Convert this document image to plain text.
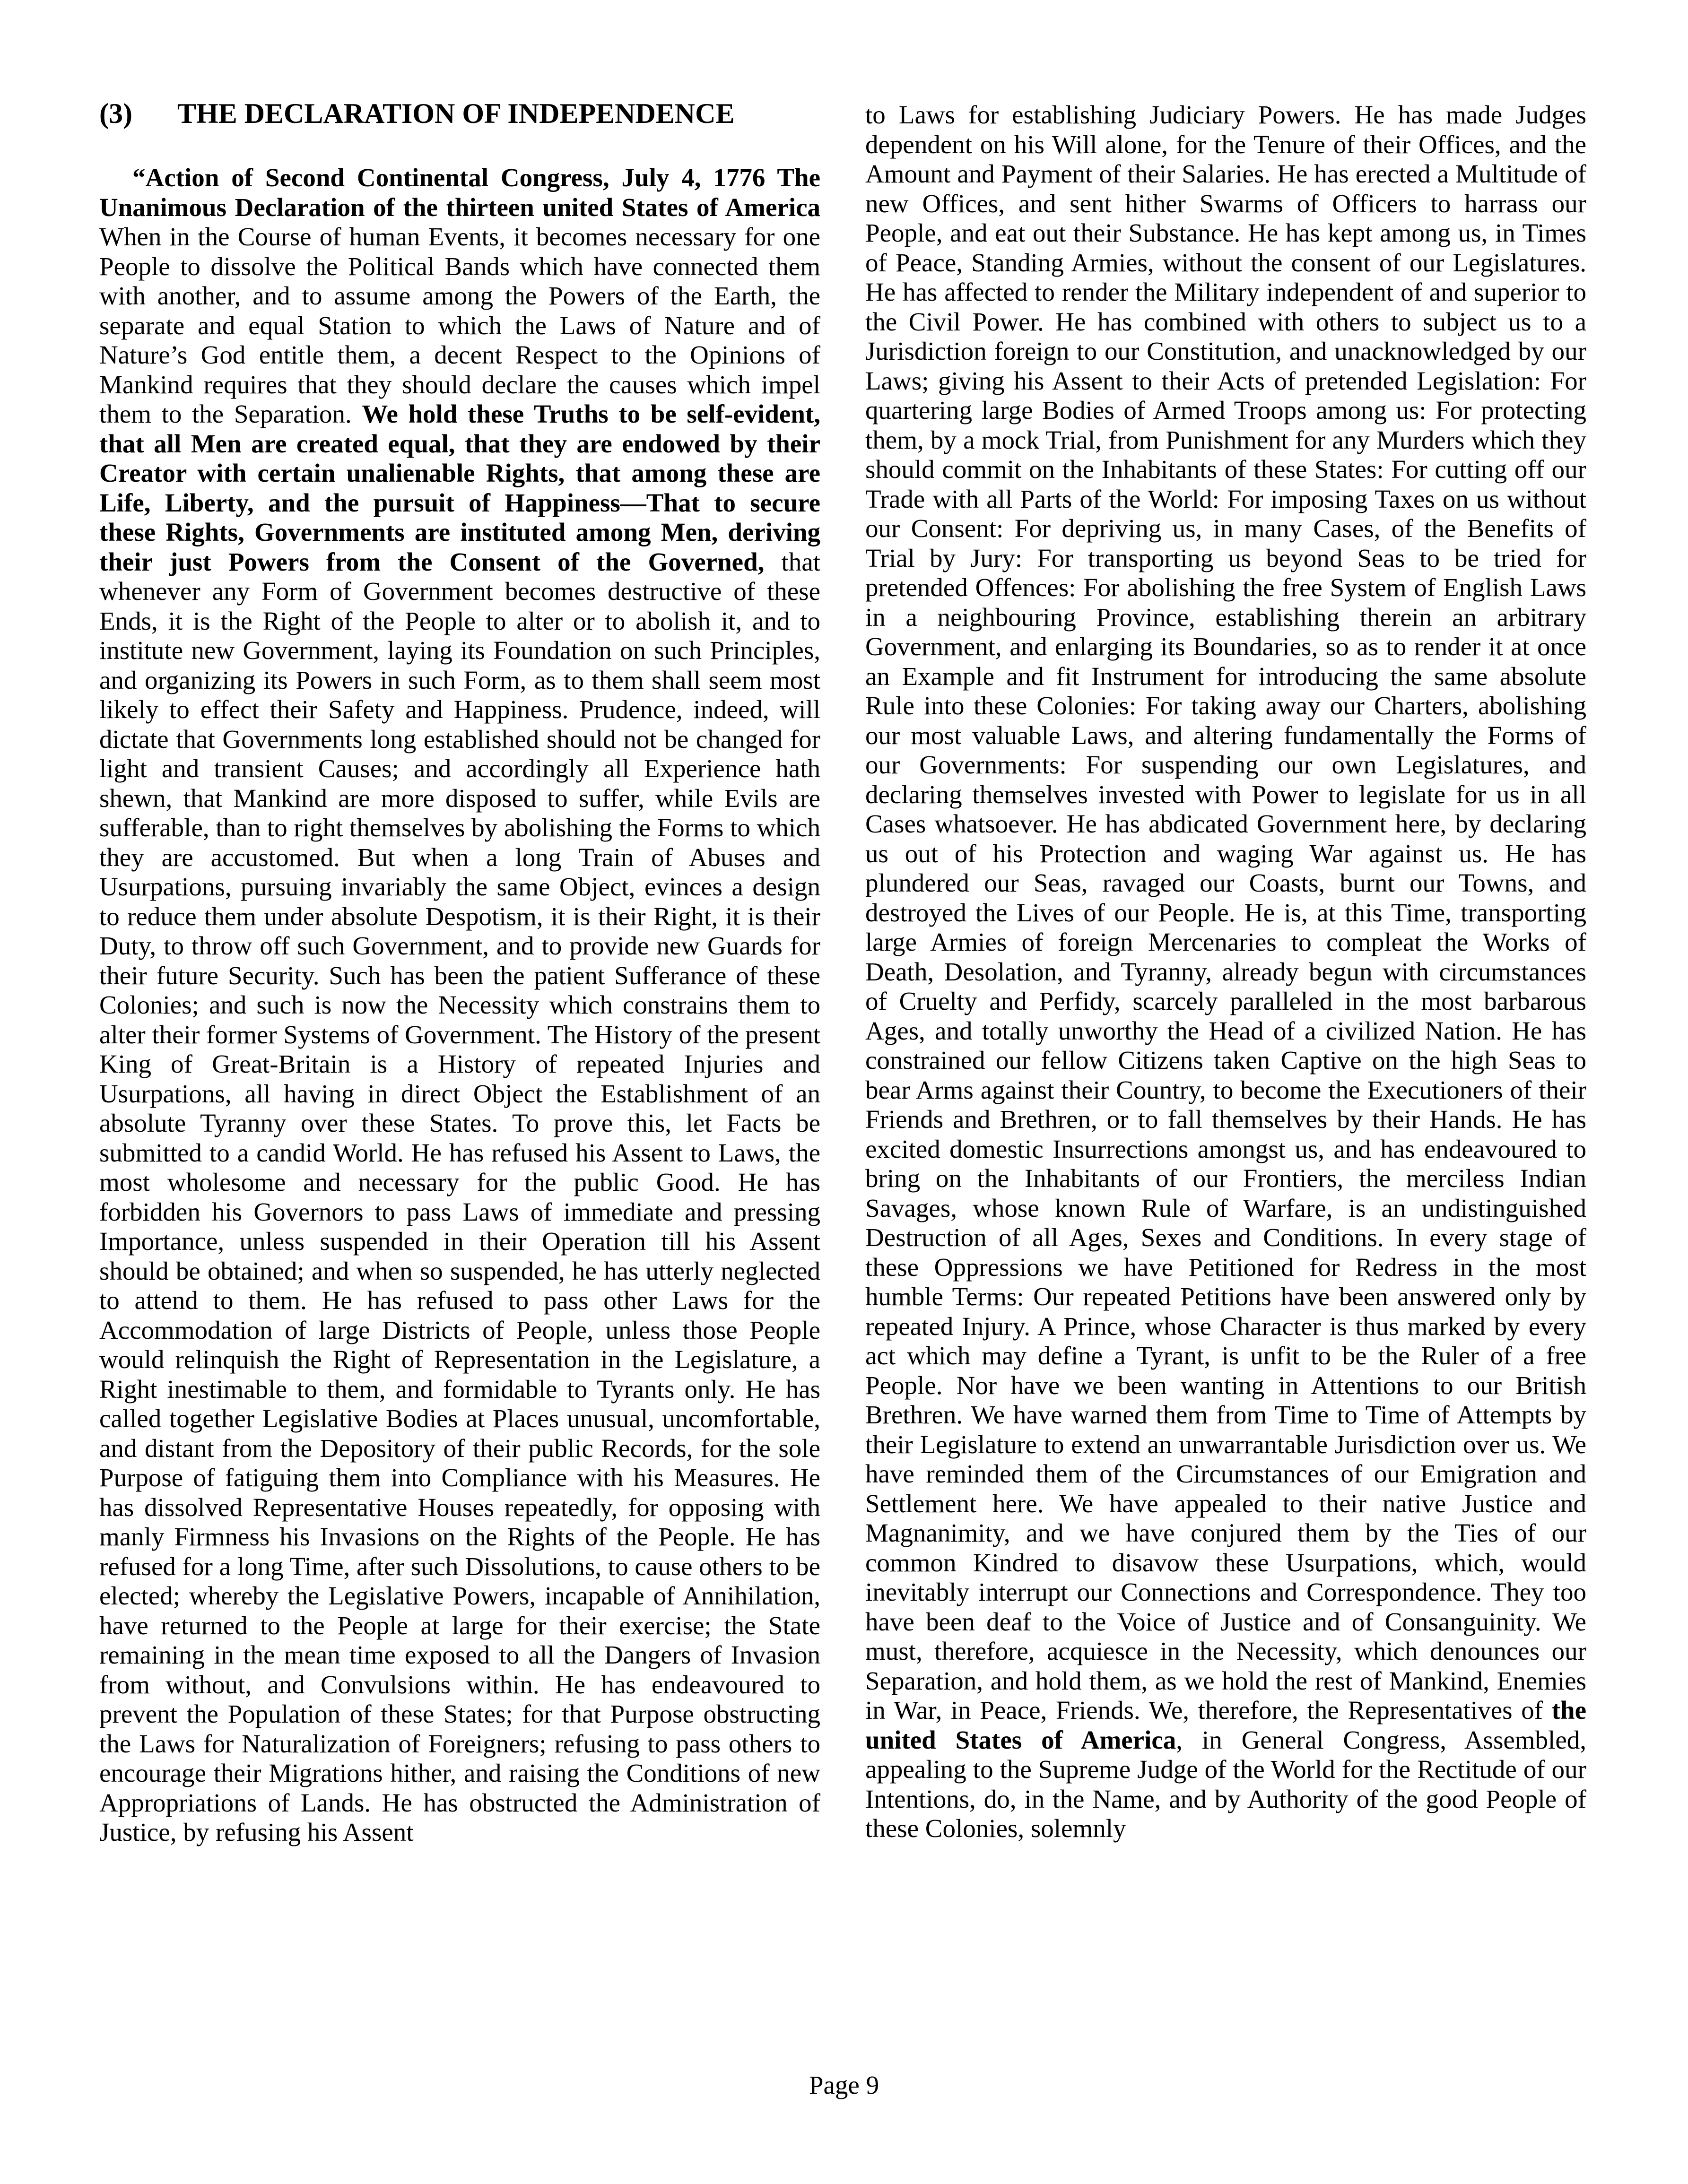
(3) THE DECLARATION OF INDEPENDENCE

“Action of Second Continental Congress, July 4, 1776 The Unanimous Declaration of the thirteen united States of America When in the Course of human Events, it becomes necessary for one People to dissolve the Political Bands which have connected them with another, and to assume among the Powers of the Earth, the separate and equal Station to which the Laws of Nature and of Nature’s God entitle them, a decent Respect to the Opinions of Mankind requires that they should declare the causes which impel them to the Separation. We hold these Truths to be self-evident, that all Men are created equal, that they are endowed by their Creator with certain unalienable Rights, that among these are Life, Liberty, and the pursuit of Happiness—That to secure these Rights, Governments are instituted among Men, deriving their just Powers from the Consent of the Governed, that whenever any Form of Government becomes destructive of these Ends, it is the Right of the People to alter or to abolish it, and to institute new Government, laying its Foundation on such Principles, and organizing its Powers in such Form, as to them shall seem most likely to effect their Safety and Happiness. Prudence, indeed, will dictate that Governments long established should not be changed for light and transient Causes; and accordingly all Experience hath shewn, that Mankind are more disposed to suffer, while Evils are sufferable, than to right themselves by abolishing the Forms to which they are accustomed. But when a long Train of Abuses and Usurpations, pursuing invariably the same Object, evinces a design to reduce them under absolute Despotism, it is their Right, it is their Duty, to throw off such Government, and to provide new Guards for their future Security. Such has been the patient Sufferance of these Colonies; and such is now the Necessity which constrains them to alter their former Systems of Government. The History of the present King of Great-Britain is a History of repeated Injuries and Usurpations, all having in direct Object the Establishment of an absolute Tyranny over these States. To prove this, let Facts be submitted to a candid World. He has refused his Assent to Laws, the most wholesome and necessary for the public Good. He has forbidden his Governors to pass Laws of immediate and pressing Importance, unless suspended in their Operation till his Assent should be obtained; and when so suspended, he has utterly neglected to attend to them. He has refused to pass other Laws for the Accommodation of large Districts of People, unless those People would relinquish the Right of Representation in the Legislature, a Right inestimable to them, and formidable to Tyrants only. He has called together Legislative Bodies at Places unusual, uncomfortable, and distant from the Depository of their public Records, for the sole Purpose of fatiguing them into Compliance with his Measures. He has dissolved Representative Houses repeatedly, for opposing with manly Firmness his Invasions on the Rights of the People. He has refused for a long Time, after such Dissolutions, to cause others to be elected; whereby the Legislative Powers, incapable of Annihilation, have returned to the People at large for their exercise; the State remaining in the mean time exposed to all the Dangers of Invasion from without, and Convulsions within. He has endeavoured to prevent the Population of these States; for that Purpose obstructing the Laws for Naturalization of Foreigners; refusing to pass others to encourage their Migrations hither, and raising the Conditions of new Appropriations of Lands. He has obstructed the Administration of Justice, by refusing his Assent

to Laws for establishing Judiciary Powers. He has made Judges dependent on his Will alone, for the Tenure of their Offices, and the Amount and Payment of their Salaries. He has erected a Multitude of new Offices, and sent hither Swarms of Officers to harrass our People, and eat out their Substance. He has kept among us, in Times of Peace, Standing Armies, without the consent of our Legislatures. He has affected to render the Military independent of and superior to the Civil Power. He has combined with others to subject us to a Jurisdiction foreign to our Constitution, and unacknowledged by our Laws; giving his Assent to their Acts of pretended Legislation: For quartering large Bodies of Armed Troops among us: For protecting them, by a mock Trial, from Punishment for any Murders which they should commit on the Inhabitants of these States: For cutting off our Trade with all Parts of the World: For imposing Taxes on us without our Consent: For depriving us, in many Cases, of the Benefits of Trial by Jury: For transporting us beyond Seas to be tried for pretended Offences: For abolishing the free System of English Laws in a neighbouring Province, establishing therein an arbitrary Government, and enlarging its Boundaries, so as to render it at once an Example and fit Instrument for introducing the same absolute Rule into these Colonies: For taking away our Charters, abolishing our most valuable Laws, and altering fundamentally the Forms of our Governments: For suspending our own Legislatures, and declaring themselves invested with Power to legislate for us in all Cases whatsoever. He has abdicated Government here, by declaring us out of his Protection and waging War against us. He has plundered our Seas, ravaged our Coasts, burnt our Towns, and destroyed the Lives of our People. He is, at this Time, transporting large Armies of foreign Mercenaries to compleat the Works of Death, Desolation, and Tyranny, already begun with circumstances of Cruelty and Perfidy, scarcely paralleled in the most barbarous Ages, and totally unworthy the Head of a civilized Nation. He has constrained our fellow Citizens taken Captive on the high Seas to bear Arms against their Country, to become the Executioners of their Friends and Brethren, or to fall themselves by their Hands. He has excited domestic Insurrections amongst us, and has endeavoured to bring on the Inhabitants of our Frontiers, the merciless Indian Savages, whose known Rule of Warfare, is an undistinguished Destruction of all Ages, Sexes and Conditions. In every stage of these Oppressions we have Petitioned for Redress in the most humble Terms: Our repeated Petitions have been answered only by repeated Injury. A Prince, whose Character is thus marked by every act which may define a Tyrant, is unfit to be the Ruler of a free People. Nor have we been wanting in Attentions to our British Brethren. We have warned them from Time to Time of Attempts by their Legislature to extend an unwarrantable Jurisdiction over us. We have reminded them of the Circumstances of our Emigration and Settlement here. We have appealed to their native Justice and Magnanimity, and we have conjured them by the Ties of our common Kindred to disavow these Usurpations, which, would inevitably interrupt our Connections and Correspondence. They too have been deaf to the Voice of Justice and of Consanguinity. We must, therefore, acquiesce in the Necessity, which denounces our Separation, and hold them, as we hold the rest of Mankind, Enemies in War, in Peace, Friends. We, therefore, the Representatives of the united States of America, in General Congress, Assembled, appealing to the Supreme Judge of the World for the Rectitude of our Intentions, do, in the Name, and by Authority of the good People of these Colonies, solemnly

Page 9
